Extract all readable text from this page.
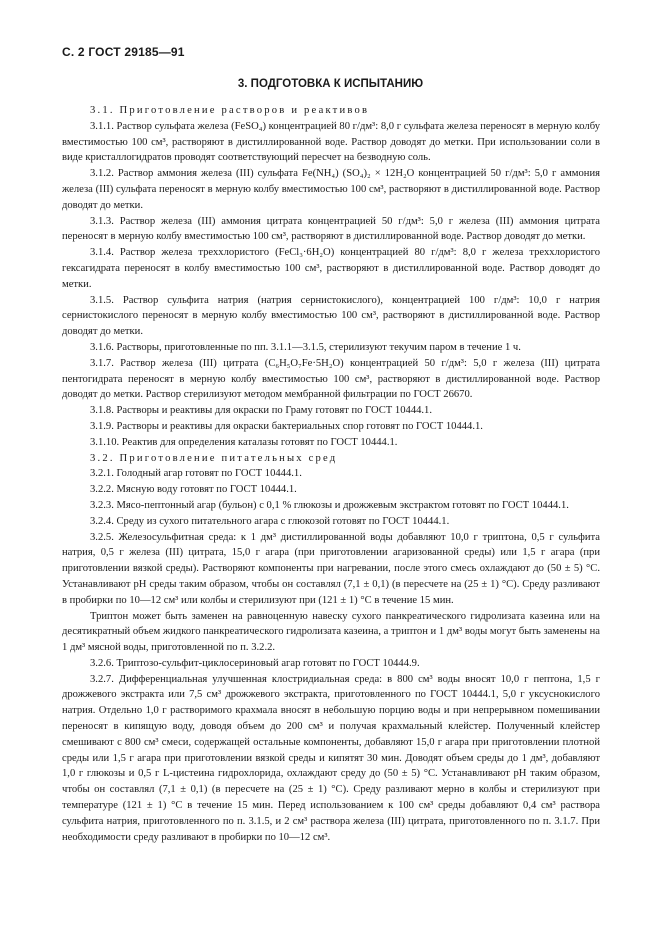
С. 2 ГОСТ 29185—91
3. ПОДГОТОВКА К ИСПЫТАНИЮ

3.1. Приготовление растворов и реактивов

3.1.1. Раствор сульфата железа (FeSO₄) концентрацией 80 г/дм³: 8,0 г сульфата железа переносят в мерную колбу вместимостью 100 см³, растворяют в дистиллированной воде. Раствор доводят до метки. При использовании соли в виде кристаллогидратов проводят соответствующий пересчет на безводную соль.

3.1.2. Раствор аммония железа (III) сульфата Fe(NH₄) (SO₄)₂ × 12H₂O концентрацией 50 г/дм³: 5,0 г аммония железа (III) сульфата переносят в мерную колбу вместимостью 100 см³, растворяют в дистиллированной воде. Раствор доводят до метки.

3.1.3. Раствор железа (III) аммония цитрата концентрацией 50 г/дм³: 5,0 г железа (III) аммония цитрата переносят в мерную колбу вместимостью 100 см³, растворяют в дистиллированной воде. Раствор доводят до метки.

3.1.4. Раствор железа треххлористого (FeCl₃·6H₂O) концентрацией 80 г/дм³: 8,0 г железа треххлористого гексагидрата переносят в колбу вместимостью 100 см³, растворяют в дистиллированной воде. Раствор доводят до метки.

3.1.5. Раствор сульфита натрия (натрия сернистокислого), концентрацией 100 г/дм³: 10,0 г натрия сернистокислого переносят в мерную колбу вместимостью 100 см³, растворяют в дистиллированной воде. Раствор доводят до метки.

3.1.6. Растворы, приготовленные по пп. 3.1.1—3.1.5, стерилизуют текучим паром в течение 1 ч.

3.1.7. Раствор железа (III) цитрата (C₆H₅O₇Fe·5H₂O) концентрацией 50 г/дм³: 5,0 г железа (III) цитрата пентогидрата переносят в мерную колбу вместимостью 100 см³, растворяют в дистиллированной воде. Раствор доводят до метки. Раствор стерилизуют методом мембранной фильтрации по ГОСТ 26670.

3.1.8. Растворы и реактивы для окраски по Граму готовят по ГОСТ 10444.1.

3.1.9. Растворы и реактивы для окраски бактериальных спор готовят по ГОСТ 10444.1.

3.1.10. Реактив для определения каталазы готовят по ГОСТ 10444.1.

3.2. Приготовление питательных сред

3.2.1. Голодный агар готовят по ГОСТ 10444.1.

3.2.2. Мясную воду готовят по ГОСТ 10444.1.

3.2.3. Мясо-пептонный агар (бульон) с 0,1 % глюкозы и дрожжевым экстрактом готовят по ГОСТ 10444.1.

3.2.4. Среду из сухого питательного агара с глюкозой готовят по ГОСТ 10444.1.

3.2.5. Железосульфитная среда: к 1 дм³ дистиллированной воды добавляют 10,0 г триптона, 0,5 г сульфита натрия, 0,5 г железа (III) цитрата, 15,0 г агара (при приготовлении агаризованной среды) или 1,5 г агара (при приготовлении вязкой среды). Растворяют компоненты при нагревании, после этого смесь охлаждают до (50 ± 5) °С. Устанавливают pH среды таким образом, чтобы он составлял (7,1 ± 0,1) (в пересчете на (25 ± 1) °С). Среду разливают в пробирки по 10—12 см³ или колбы и стерилизуют при (121 ± 1) °С в течение 15 мин.

Триптон может быть заменен на равноценную навеску сухого панкреатического гидролизата казеина или на десятикратный объем жидкого панкреатического гидролизата казеина, а триптон и 1 дм³ воды могут быть заменены на 1 дм³ мясной воды, приготовленной по п. 3.2.2.

3.2.6. Триптозо-сульфит-циклосериновый агар готовят по ГОСТ 10444.9.

3.2.7. Дифференциальная улучшенная клостридиальная среда: в 800 см³ воды вносят 10,0 г пептона, 1,5 г дрожжевого экстракта или 7,5 см³ дрожжевого экстракта, приготовленного по ГОСТ 10444.1, 5,0 г уксуснокислого натрия. Отдельно 1,0 г растворимого крахмала вносят в небольшую порцию воды и при непрерывном помешивании переносят в кипящую воду, доводя объем до 200 см³ и получая крахмальный клейстер. Полученный клейстер смешивают с 800 см³ смеси, содержащей остальные компоненты, добавляют 15,0 г агара при приготовлении плотной среды или 1,5 г агара при приготовлении вязкой среды и кипятят 30 мин. Доводят объем среды до 1 дм³, добавляют 1,0 г глюкозы и 0,5 г L-цистеина гидрохлорида, охлаждают среду до (50 ± 5) °С. Устанавливают pH таким образом, чтобы он составлял (7,1 ± 0,1) (в пересчете на (25 ± 1) °С). Среду разливают мерно в колбы и стерилизуют при температуре (121 ± 1) °С в течение 15 мин. Перед использованием к 100 см³ среды добавляют 0,4 см³ раствора сульфита натрия, приготовленного по п. 3.1.5, и 2 см³ раствора железа (III) цитрата, приготовленного по п. 3.1.7. При необходимости среду разливают в пробирки по 10—12 см³.
